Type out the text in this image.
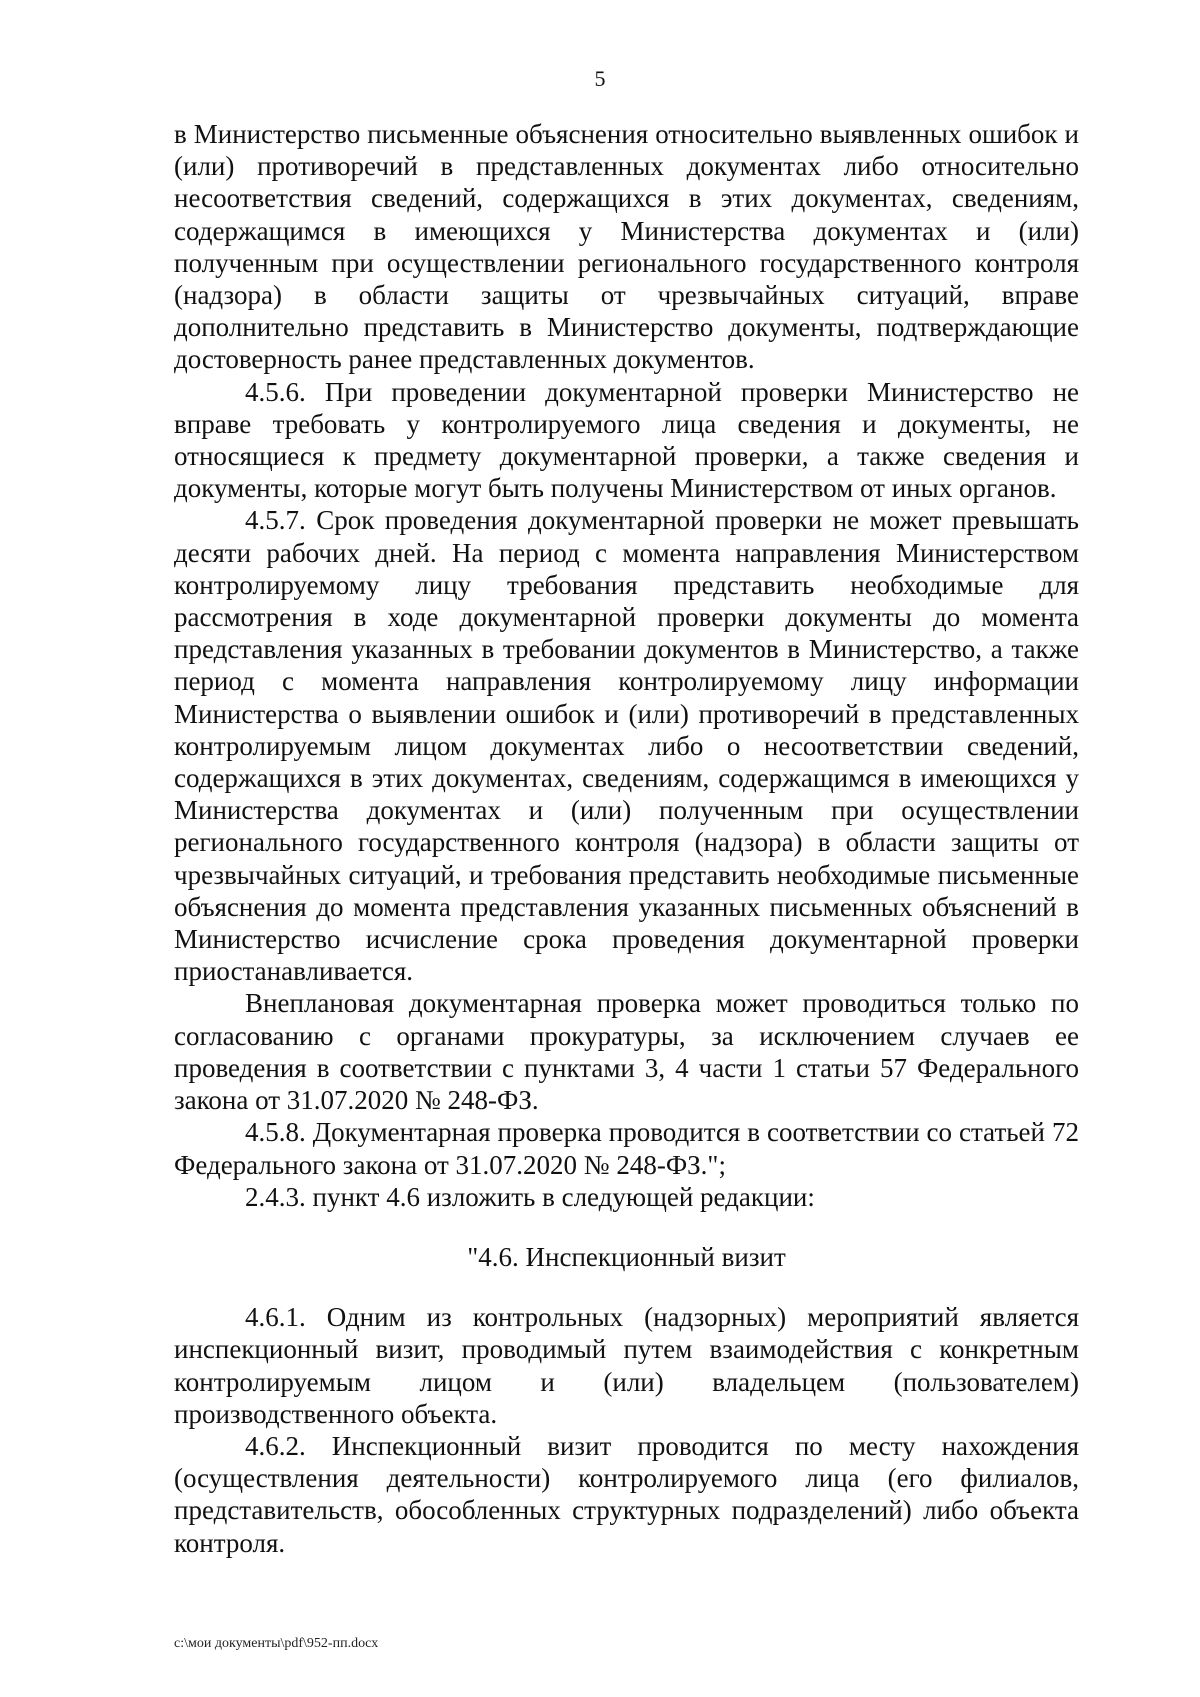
5

в Министерство письменные объяснения относительно выявленных ошибок и (или) противоречий в представленных документах либо относительно несоответствия сведений, содержащихся в этих документах, сведениям, содержащимся в имеющихся у Министерства документах и (или) полученным при осуществлении регионального государственного контроля (надзора) в области защиты от чрезвычайных ситуаций, вправе дополнительно представить в Министерство документы, подтверждающие достоверность ранее представленных документов.

4.5.6. При проведении документарной проверки Министерство не вправе требовать у контролируемого лица сведения и документы, не относящиеся к предмету документарной проверки, а также сведения и документы, которые могут быть получены Министерством от иных органов.

4.5.7. Срок проведения документарной проверки не может превышать десяти рабочих дней. На период с момента направления Министерством контролируемому лицу требования представить необходимые для рассмотрения в ходе документарной проверки документы до момента представления указанных в требовании документов в Министерство, а также период с момента направления контролируемому лицу информации Министерства о выявлении ошибок и (или) противоречий в представленных контролируемым лицом документах либо о несоответствии сведений, содержащихся в этих документах, сведениям, содержащимся в имеющихся у Министерства документах и (или) полученным при осуществлении регионального государственного контроля (надзора) в области защиты от чрезвычайных ситуаций, и требования представить необходимые письменные объяснения до момента представления указанных письменных объяснений в Министерство исчисление срока проведения документарной проверки приостанавливается.

Внеплановая документарная проверка может проводиться только по согласованию с органами прокуратуры, за исключением случаев ее проведения в соответствии с пунктами 3, 4 части 1 статьи 57 Федерального закона от 31.07.2020 № 248-ФЗ.

4.5.8. Документарная проверка проводится в соответствии со статьей 72 Федерального закона от 31.07.2020 № 248-ФЗ.";

2.4.3. пункт 4.6 изложить в следующей редакции:

"4.6. Инспекционный визит

4.6.1. Одним из контрольных (надзорных) мероприятий является инспекционный визит, проводимый путем взаимодействия с конкретным контролируемым лицом и (или) владельцем (пользователем) производственного объекта.

4.6.2. Инспекционный визит проводится по месту нахождения (осуществления деятельности) контролируемого лица (его филиалов, представительств, обособленных структурных подразделений) либо объекта контроля.

c:\мои документы\pdf\952-пп.docx
